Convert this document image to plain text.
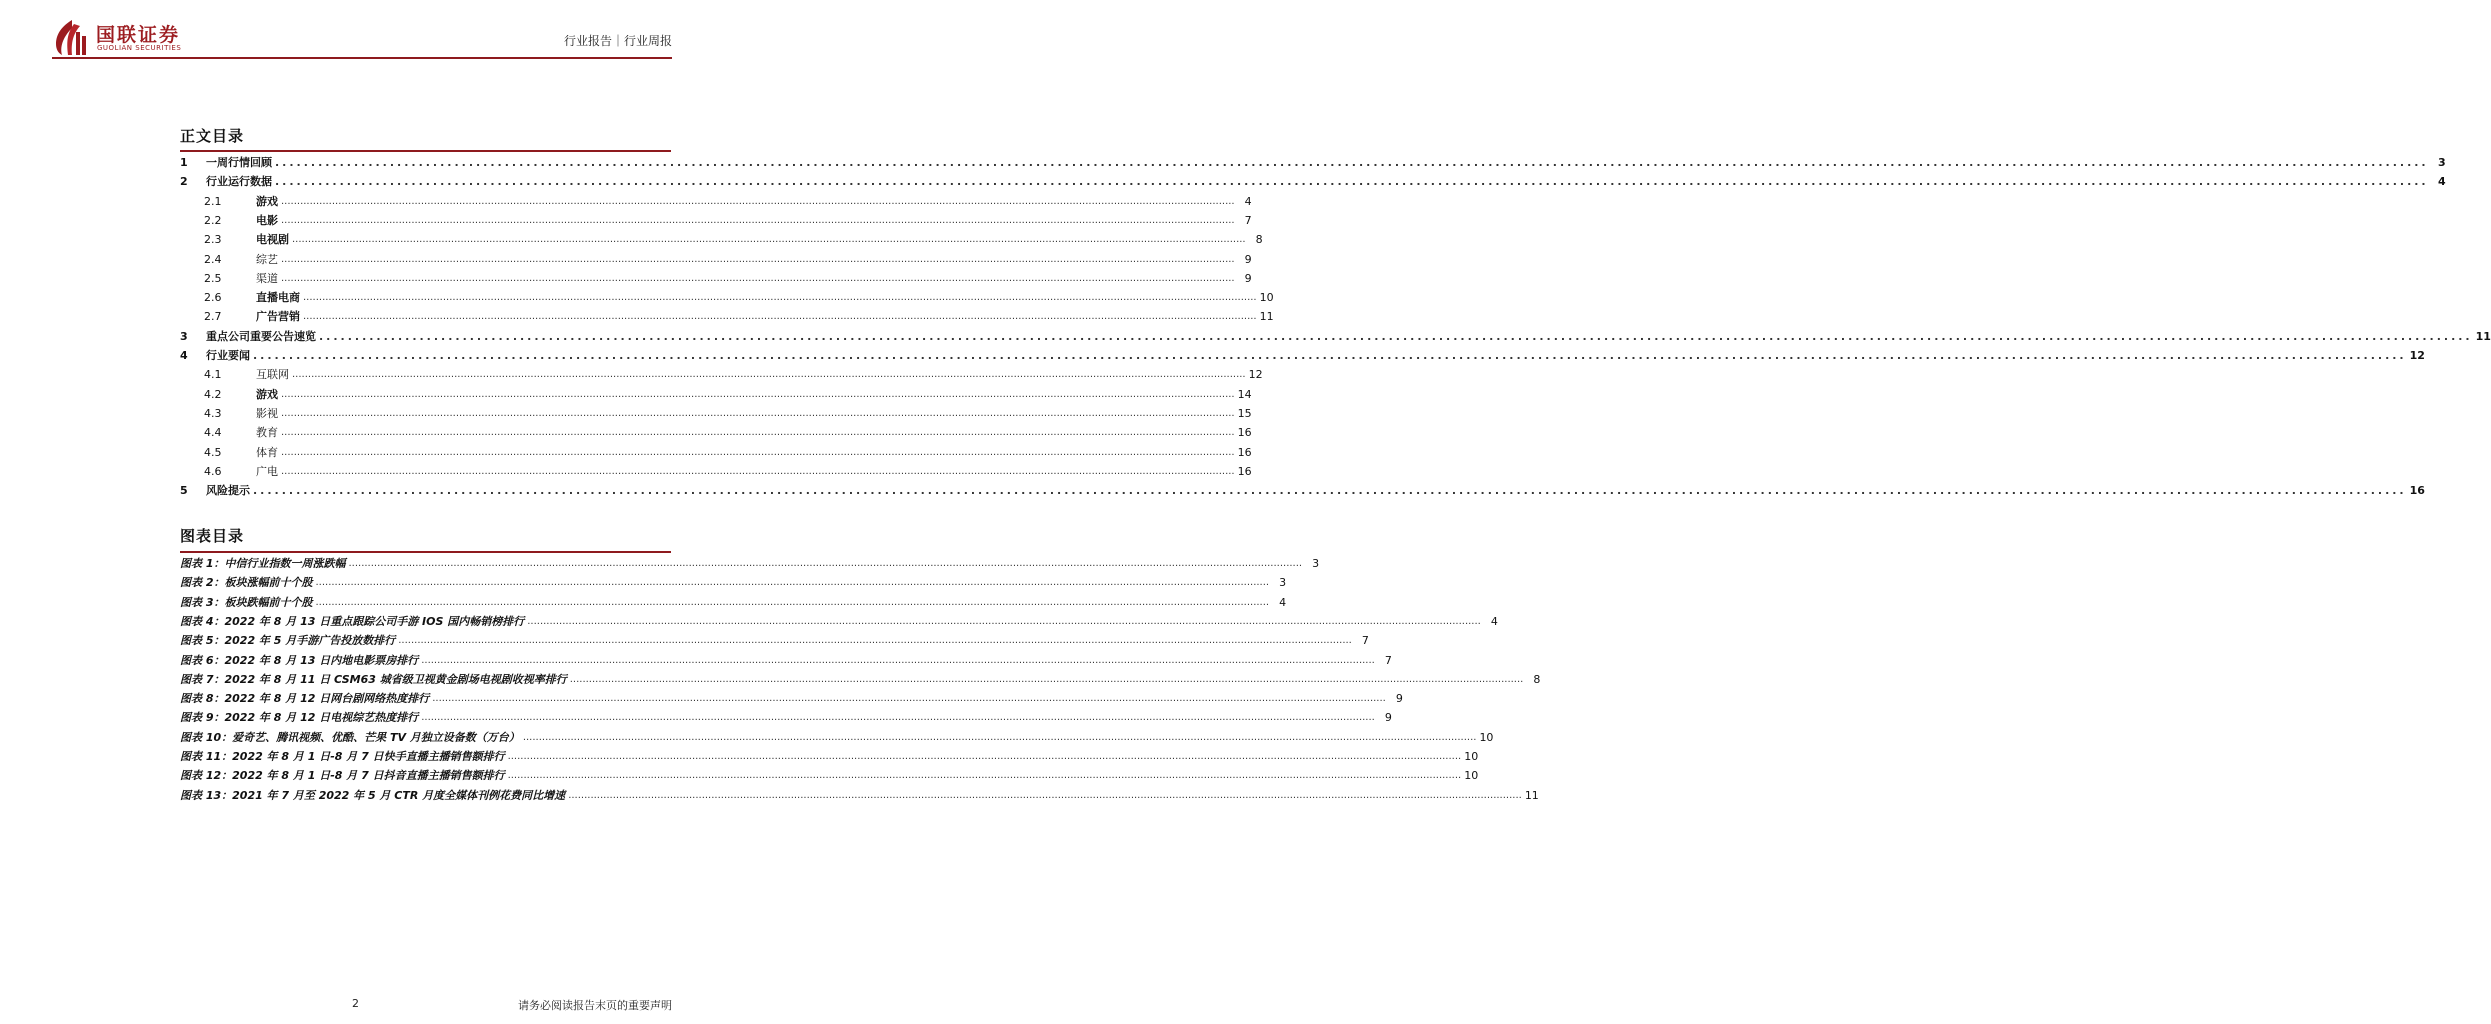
国联证券
GUOLIAN SECURITIES	行业报告｜行业周报
正文目录
1	一周行情回顾 ............................................................................................................................................................................................................................................................................................................ 3
2	行业运行数据 ............................................................................................................................................................................................................................................................................................................ 4
2.1	游戏 ............................................................................................................................................................................................................................................................................................................ 4
2.2	电影 ............................................................................................................................................................................................................................................................................................................ 7
2.3	电视剧 ............................................................................................................................................................................................................................................................................................................ 8
2.4	综艺 ............................................................................................................................................................................................................................................................................................................ 9
2.5	渠道 ............................................................................................................................................................................................................................................................................................................ 9
2.6	直播电商 ............................................................................................................................................................................................................................................................................................................ 10
2.7	广告营销 ............................................................................................................................................................................................................................................................................................................ 11
3	重点公司重要公告速览 ............................................................................................................................................................................................................................................................................................................ 11
4	行业要闻 ............................................................................................................................................................................................................................................................................................................ 12
4.1	互联网 ............................................................................................................................................................................................................................................................................................................ 12
4.2	游戏 ............................................................................................................................................................................................................................................................................................................ 14
4.3	影视 ............................................................................................................................................................................................................................................................................................................ 15
4.4	教育 ............................................................................................................................................................................................................................................................................................................ 16
4.5	体育 ............................................................................................................................................................................................................................................................................................................ 16
4.6	广电 ............................................................................................................................................................................................................................................................................................................ 16
5	风险提示 ............................................................................................................................................................................................................................................................................................................ 16
图表目录
图表 1：中信行业指数一周涨跌幅 ............................................................................................................................................................................................................................................................................................................ 3
图表 2：板块涨幅前十个股 ............................................................................................................................................................................................................................................................................................................ 3
图表 3：板块跌幅前十个股 ............................................................................................................................................................................................................................................................................................................ 4
图表 4：2022 年 8 月 13 日重点跟踪公司手游 IOS 国内畅销榜排行 ............................................................................................................................................................................................................................................................................................................ 4
图表 5：2022 年 5 月手游广告投放数排行 ............................................................................................................................................................................................................................................................................................................ 7
图表 6：2022 年 8 月 13 日内地电影票房排行 ............................................................................................................................................................................................................................................................................................................ 7
图表 7：2022 年 8 月 11 日 CSM63 城省级卫视黄金剧场电视剧收视率排行 ............................................................................................................................................................................................................................................................................................................ 8
图表 8：2022 年 8 月 12 日网台剧网络热度排行 ............................................................................................................................................................................................................................................................................................................ 9
图表 9：2022 年 8 月 12 日电视综艺热度排行 ............................................................................................................................................................................................................................................................................................................ 9
图表 10：爱奇艺、腾讯视频、优酷、芒果 TV 月独立设备数（万台） ............................................................................................................................................................................................................................................................................................................ 10
图表 11：2022 年 8 月 1 日-8 月 7 日快手直播主播销售额排行 ............................................................................................................................................................................................................................................................................................................ 10
图表 12：2022 年 8 月 1 日-8 月 7 日抖音直播主播销售额排行 ............................................................................................................................................................................................................................................................................................................ 10
图表 13：2021 年 7 月至 2022 年 5 月 CTR 月度全媒体刊例花费同比增速 ............................................................................................................................................................................................................................................................................................................ 11
2	请务必阅读报告末页的重要声明
